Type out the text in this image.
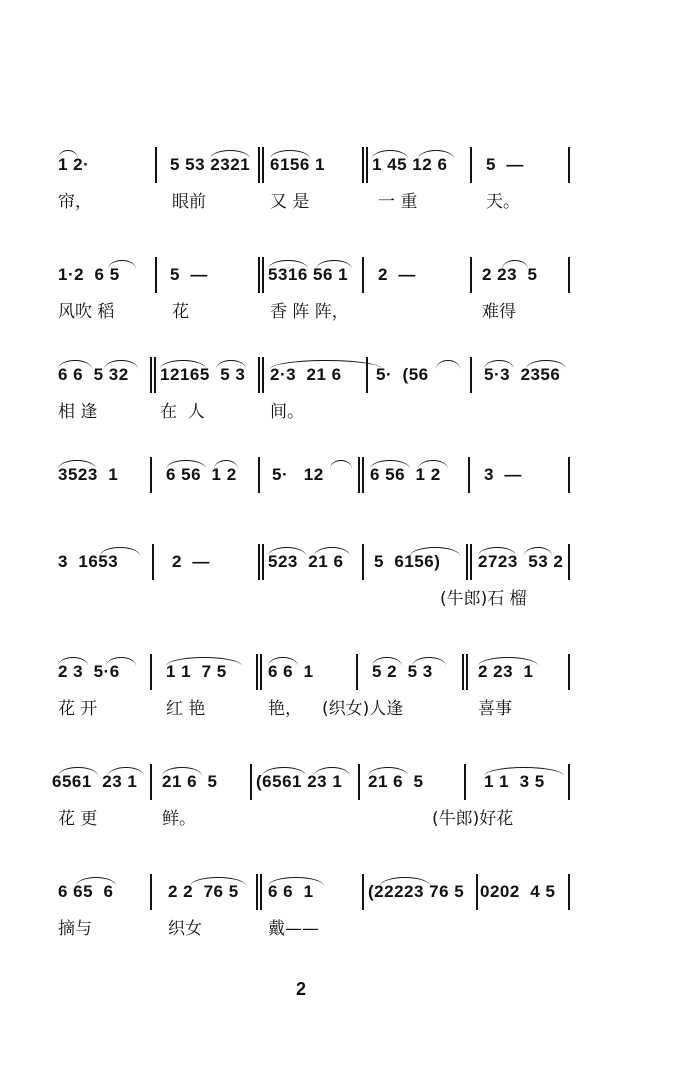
1 2·
帘，
5 53 2321
眼前
6156 1
又 是
1 45 12 6
一 重
5  —
天。
1·2  6 5
风吹 稻
5  —
花
5316 56 1
香 阵 阵，
2  —	2 23  5
难得
6 6  5 32
相 逢
12165  5 3
在  人
2·3  21 6
间。
5·  (56	5·3  2356
3523  1	6 56  1 2 5·   12	6 56  1 2	3  —
3  1653	2  —	523  21 6 5  6156) 2723  53 2
(牛郎)石 榴
2 3  5·6
花 开
1 1  7 5
红 艳
6 6  1
艳，
5 2  5 3
(织女)人逢
2 23  1
喜事
6561  23 1
花 更
21 6  5
鲜。
(6561 23 1 21 6  5	1 1  3 5
(牛郎)好花
6 65  6
摘与
2 2  76 5
织女
6 6  1
戴——
(22223 76 5 0202  4 5
2
